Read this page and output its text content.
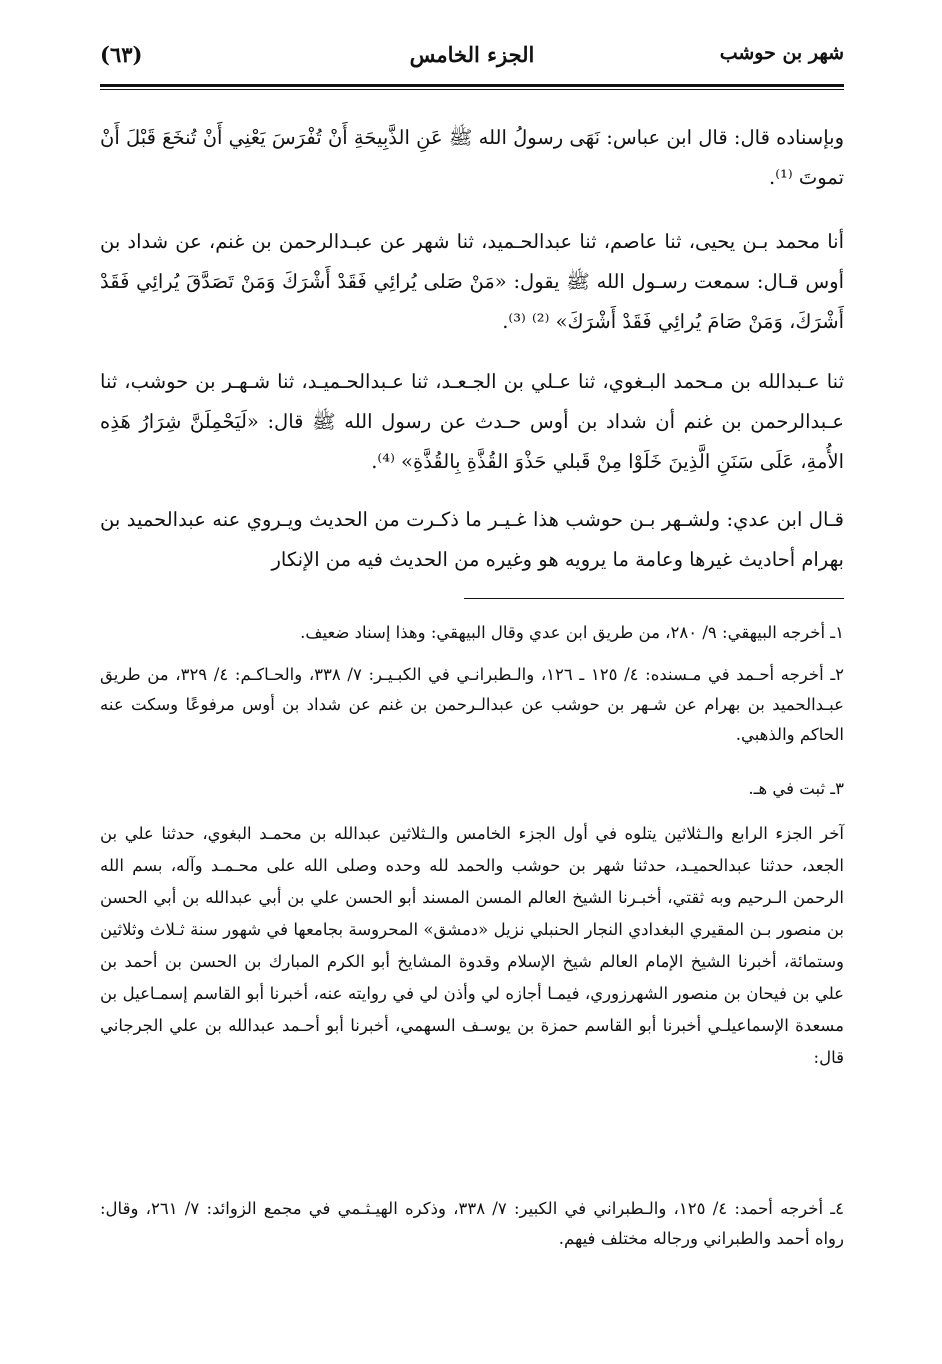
شهر بن حوشب
الجزء الخامس
(٦٣)
وبإسناده قال: قال ابن عباس: نَهَى رسولُ الله ﷺ عَنِ الذَّبِيحَةِ أَنْ تُفْرَسَ يَعْنِي أَنْ تُنخَعَ قَبْلَ أَنْ تموتَ ⁽¹⁾.
أنا محمد بـن يحيى، ثنا عاصم، ثنا عبدالحـميد، ثنا شهر عن عبـدالرحمن بن غنم، عن شداد بن أوس قـال: سمعت رسـول الله ﷺ يقول: «مَنْ صَلى يُرائِي فَقَدْ أَشْرَكَ وَمَنْ تَصَدَّقَ يُرائِي فَقَدْ أَشْرَكَ، وَمَنْ صَامَ يُرائِي فَقَدْ أَشْرَكَ» ⁽²⁾ ⁽³⁾.
ثنا عـبدالله بن مـحمد البـغوي، ثنا عـلي بن الجـعـد، ثنا عـبدالحـميـد، ثنا شـهـر بن حوشب، ثنا عـبدالرحمن بن غنم أن شداد بن أوس حـدث عن رسول الله ﷺ قال: «لَيَحْمِلَنَّ شِرَارُ هَذِه الأُمةِ، عَلَى سَنَنِ الَّذِينَ خَلَوْا مِنْ قَبلي حَذْوَ القُذَّةِ بِالقُذَّةِ» ⁽⁴⁾.
قـال ابن عدي: ولشـهر بـن حوشب هذا غـيـر ما ذكـرت من الحديث ويـروي عنه عبدالحميد بن بهرام أحاديث غيرها وعامة ما يرويه هو وغيره من الحديث فيه من الإنكار
١ـ أخرجه البيهقي: ٩/ ٢٨٠، من طريق ابن عدي وقال البيهقي: وهذا إسناد ضعيف.
٢ـ أخرجه أحـمد في مـسنده: ٤/ ١٢٥ ـ ١٢٦، والـطبرانـي في الكبـيـر: ٧/ ٣٣٨، والحـاكـم: ٤/ ٣٢٩، من طريق عبـدالحميد بن بهرام عن شـهر بن حوشب عن عبدالـرحمن بن غنم عن شداد بن أوس مرفوعًا وسكت عنه الحاكم والذهبي.
٣ـ ثبت في هـ.
آخر الجزء الرابع والـثلاثين يتلوه في أول الجزء الخامس والـثلاثين عبدالله بن محمـد البغوي، حدثنا علي بن الجعد، حدثنا عبدالحميـد، حدثنا شهر بن حوشب والحمد لله وحده وصلى الله على محـمـد وآله، بسم الله الرحمن الـرحيم وبه ثقتي، أخبـرنا الشيخ العالم المسن المسند أبو الحسن علي بن أبي عبدالله بن أبي الحسن بن منصور بـن المقيري البغدادي النجار الحنبلي نزيل «دمشق» المحروسة بجامعها في شهور سنة ثـلاث وثلاثين وستمائة، أخبرنا الشيخ الإمام العالم شيخ الإسلام وقدوة المشايخ أبو الكرم المبارك بن الحسن بن أحمد بن علي بن فيحان بن منصور الشهرزوري، فيمـا أجازه لي وأذن لي في روايته عنه، أخبرنا أبو القاسم إسمـاعيل بن مسعدة الإسماعيلـي أخبرنا أبو القاسم حمزة بن يوسـف السهمي، أخبرنا أبو أحـمد عبدالله بن علي الجرجاني قال:
٤ـ أخرجه أحمد: ٤/ ١٢٥، والـطبراني في الكبير: ٧/ ٣٣٨، وذكره الهيـثـمي في مجمع الزوائد: ٧/ ٢٦١، وقال: رواه أحمد والطبراني ورجاله مختلف فيهم.
